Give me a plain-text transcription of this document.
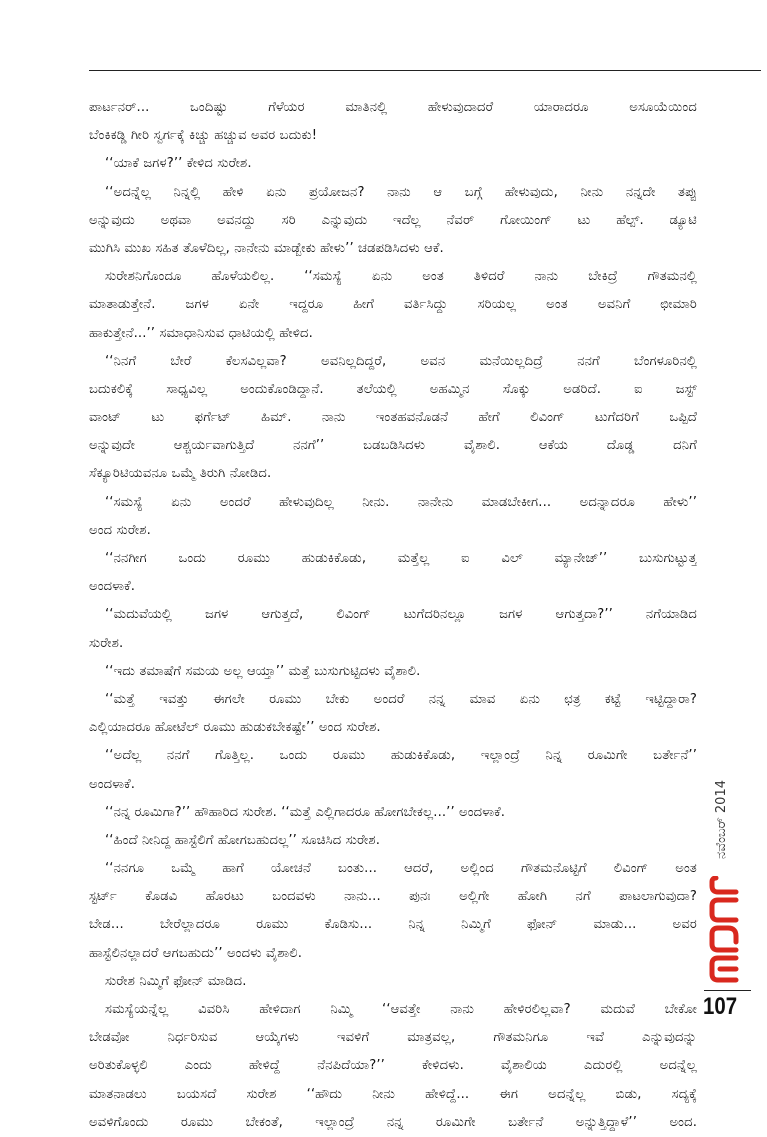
ಪಾರ್ಟನರ್... ಒಂದಿಷ್ಟು ಗೆಳೆಯರ ಮಾತಿನಲ್ಲಿ ಹೇಳುವುದಾದರೆ ಯಾರಾದರೂ ಅಸೂಯೆಯಿಂದ
ಬೆಂಕಿಕಡ್ಡಿ ಗೀರಿ ಸ್ವರ್ಗಕ್ಕೆ ಕಿಚ್ಚು ಹಚ್ಚುವ ಅವರ ಬದುಕು!
‘‘ಯಾಕೆ ಜಗಳ?’’ ಕೇಳಿದ ಸುರೇಶ.
‘‘ಅದನ್ನೆಲ್ಲ ನಿನ್ನಲ್ಲಿ ಹೇಳಿ ಏನು ಪ್ರಯೋಜನ? ನಾನು ಆ ಬಗ್ಗೆ ಹೇಳುವುದು, ನೀನು ನನ್ನದೇ ತಪ್ಪು
ಅನ್ನುವುದು ಅಥವಾ ಅವನದ್ದು ಸರಿ ಎನ್ನುವುದು ಇದೆಲ್ಲ ನೆವರ್ ಗೋಯಿಂಗ್ ಟು ಹೆಲ್ಪ್. ಡ್ಯೂಟಿ
ಮುಗಿಸಿ ಮುಖ ಸಹಿತ ತೊಳೆದಿಲ್ಲ, ನಾನೇನು ಮಾಡ್ಬೇಕು ಹೇಳು’’ ಚಡಪಡಿಸಿದಳು ಆಕೆ.
ಸುರೇಶನಿಗೊಂದೂ ಹೊಳೆಯಲಿಲ್ಲ. ‘‘ಸಮಸ್ಯೆ ಏನು ಅಂತ ತಿಳಿದರೆ ನಾನು ಬೇಕಿದ್ರೆ ಗೌತಮನಲ್ಲಿ
ಮಾತಾಡುತ್ತೇನೆ. ಜಗಳ ಏನೇ ಇದ್ದರೂ ಹೀಗೆ ವರ್ತಿಸಿದ್ದು ಸರಿಯಲ್ಲ ಅಂತ ಅವನಿಗೆ ಛೀಮಾರಿ
ಹಾಕುತ್ತೇನೆ...’’ ಸಮಾಧಾನಿಸುವ ಧಾಟಿಯಲ್ಲಿ ಹೇಳಿದ.
‘‘ನಿನಗೆ ಬೇರೆ ಕೆಲಸವಿಲ್ಲವಾ? ಅವನಿಲ್ಲದಿದ್ದರೆ, ಅವನ ಮನೆಯಿಲ್ಲದಿದ್ರೆ ನನಗೆ ಬೆಂಗಳೂರಿನಲ್ಲಿ
ಬದುಕಲಿಕ್ಕೆ ಸಾಧ್ಯವಿಲ್ಲ ಅಂದುಕೊಂಡಿದ್ದಾನೆ. ತಲೆಯಲ್ಲಿ ಅಹಮ್ಮಿನ ಸೊಕ್ಕು ಅಡರಿದೆ. ಐ ಜಸ್ಟ್
ವಾಂಟ್ ಟು ಫರ್ಗೆಟ್ ಹಿಮ್. ನಾನು ಇಂತಹವನೊಡನೆ ಹೇಗೆ ಲಿವಿಂಗ್ ಟುಗೆದರಿಗೆ ಒಪ್ಪಿದೆ
ಅನ್ನುವುದೇ ಆಶ್ಚರ್ಯವಾಗುತ್ತಿದೆ ನನಗೆ’’ ಬಡಬಡಿಸಿದಳು ವೈಶಾಲಿ. ಆಕೆಯ ದೊಡ್ಡ ದನಿಗೆ
ಸೆಕ್ಯೂರಿಟಿಯವನೂ ಒಮ್ಮೆ ತಿರುಗಿ ನೋಡಿದ.
‘‘ಸಮಸ್ಯೆ ಏನು ಅಂದರೆ ಹೇಳುವುದಿಲ್ಲ ನೀನು. ನಾನೇನು ಮಾಡಬೇಕೀಗ... ಅದನ್ನಾದರೂ ಹೇಳು’’
ಅಂದ ಸುರೇಶ.
‘‘ನನಗೀಗ ಒಂದು ರೂಮು ಹುಡುಕಿಕೊಡು, ಮತ್ತೆಲ್ಲ ಐ ವಿಲ್ ಮ್ಯಾನೇಜ್’’ ಬುಸುಗುಟ್ಟುತ್ತ
ಅಂದಳಾಕೆ.
‘‘ಮದುವೆಯಲ್ಲಿ ಜಗಳ ಆಗುತ್ತದೆ, ಲಿವಿಂಗ್ ಟುಗೆದರಿನಲ್ಲೂ ಜಗಳ ಆಗುತ್ತದಾ?’’ ನಗೆಯಾಡಿದ
ಸುರೇಶ.
‘‘ಇದು ತಮಾಷೆಗೆ ಸಮಯ ಅಲ್ಲ ಆಯ್ತಾ’’ ಮತ್ತೆ ಬುಸುಗುಟ್ಟಿದಳು ವೈಶಾಲಿ.
‘‘ಮತ್ತೆ ಇವತ್ತು ಈಗಲೇ ರೂಮು ಬೇಕು ಅಂದರೆ ನನ್ನ ಮಾವ ಏನು ಛತ್ರ ಕಟ್ಟೆ ಇಟ್ಟಿದ್ದಾರಾ?
ಎಲ್ಲಿಯಾದರೂ ಹೋಟೆಲ್ ರೂಮು ಹುಡುಕಬೇಕಷ್ಟೇ’’ ಅಂದ ಸುರೇಶ.
‘‘ಅದೆಲ್ಲ ನನಗೆ ಗೊತ್ತಿಲ್ಲ. ಒಂದು ರೂಮು ಹುಡುಕಿಕೊಡು, ಇಲ್ಲಾಂದ್ರೆ ನಿನ್ನ ರೂಮಿಗೇ ಬರ್ತೇನೆ’’
ಅಂದಳಾಕೆ.
‘‘ನನ್ನ ರೂಮಿಗಾ?’’ ಹೌಹಾರಿದ ಸುರೇಶ. ‘‘ಮತ್ತೆ ಎಲ್ಲಿಗಾದರೂ ಹೋಗಬೇಕಲ್ಲ...’’ ಅಂದಳಾಕೆ.
‘‘ಹಿಂದೆ ನೀನಿದ್ದ ಹಾಸ್ಟೆಲಿಗೆ ಹೋಗಬಹುದಲ್ಲ’’ ಸೂಚಿಸಿದ ಸುರೇಶ.
‘‘ನನಗೂ ಒಮ್ಮೆ ಹಾಗೆ ಯೋಚನೆ ಬಂತು... ಆದರೆ, ಅಲ್ಲಿಂದ ಗೌತಮನೊಟ್ಟಿಗೆ ಲಿವಿಂಗ್ ಅಂತ
ಸ್ಟರ್ಟ್ ಕೊಡವಿ ಹೊರಟು ಬಂದವಳು ನಾನು... ಪುನಃ ಅಲ್ಲಿಗೇ ಹೋಗಿ ನಗೆ ಪಾಟಲಾಗುವುದಾ?
ಬೇಡ... ಬೇರೆಲ್ಲಾದರೂ ರೂಮು ಕೊಡಿಸು... ನಿನ್ನ ನಿಮ್ಮಿಗೆ ಫೋನ್ ಮಾಡು... ಅವರ
ಹಾಸ್ಟೆಲಿನಲ್ಲಾದರೆ ಆಗಬಹುದು’’ ಅಂದಳು ವೈಶಾಲಿ.
ಸುರೇಶ ನಿಮ್ಮಿಗೆ ಫೋನ್ ಮಾಡಿದ.
ಸಮಸ್ಯೆಯನ್ನೆಲ್ಲ ವಿವರಿಸಿ ಹೇಳಿದಾಗ ನಿಮ್ಮಿ ‘‘ಆವತ್ತೇ ನಾನು ಹೇಳಿರಲಿಲ್ಲವಾ? ಮದುವೆ ಬೇಕೋ
ಬೇಡವೋ ನಿರ್ಧರಿಸುವ ಆಯ್ಕೆಗಳು ಇವಳಿಗೆ ಮಾತ್ರವಲ್ಲ, ಗೌತಮನಿಗೂ ಇವೆ ಎನ್ನುವುದನ್ನು
ಅರಿತುಕೊಳ್ಳಲಿ ಎಂದು ಹೇಳಿದ್ದೆ ನೆನಪಿದೆಯಾ?’’ ಕೇಳಿದಳು. ವೈಶಾಲಿಯ ಎದುರಲ್ಲಿ ಅದನ್ನೆಲ್ಲ
ಮಾತನಾಡಲು ಬಯಸದೆ ಸುರೇಶ ‘‘ಹೌದು ನೀನು ಹೇಳಿದ್ದೆ... ಈಗ ಅದನ್ನೆಲ್ಲ ಬಿಡು, ಸದ್ಯಕ್ಕೆ
ಅವಳಿಗೊಂದು ರೂಮು ಬೇಕಂತೆ, ಇಲ್ಲಾಂದ್ರೆ ನನ್ನ ರೂಮಿಗೇ ಬರ್ತೇನೆ ಅನ್ನುತ್ತಿದ್ದಾಳೆ’’ ಅಂದ.
ನವೆಂಬರ್ 2014
107
